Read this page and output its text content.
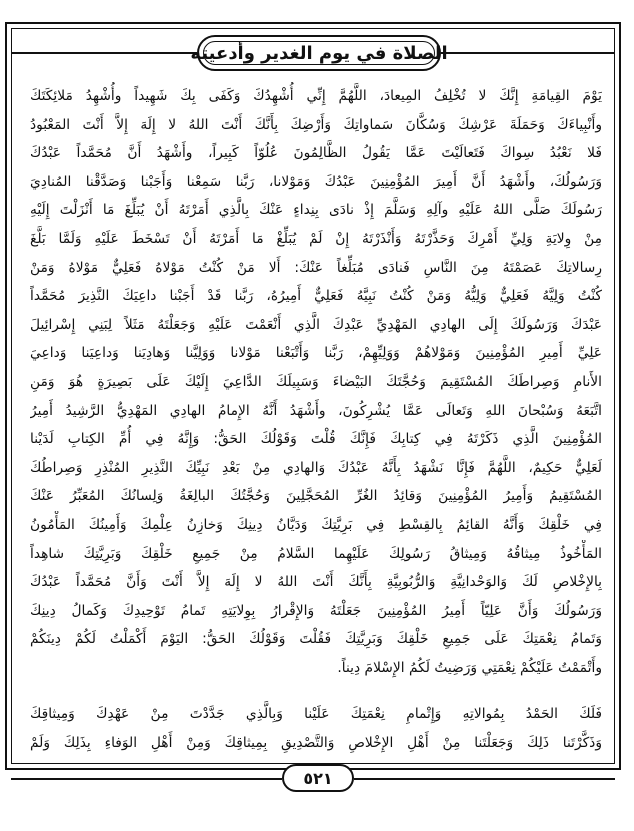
الصلاة في يوم الغدير وأدعيته
يَوْمَ القِيامَةِ إِنَّكَ لا تُخْلِفُ المِيعادَ، اللَّهُمَّ إِنِّي أُشْهِدُكَ وَكَفَى بِكَ شَهِيداً وأُشْهِدُ مَلائِكَتَكَ
وأَنْبِياءَكَ وَحَمَلَةَ عَرْشِكَ وَسُكَّانَ سَماواتِكَ وَأَرْضِكَ بِأَنَّكَ أَنْتَ اللهُ لا إِلَهَ إِلاَّ أَنْتَ المَعْبُودُ
فَلا نَعْبُدُ سِواكَ فَتَعالَيْتَ عَمَّا يَقُولُ الظَّالِمُونَ عُلُوّاً كَبِيراً، وأَشْهَدُ أَنَّ مُحَمَّداً عَبْدُكَ
وَرَسُولُكَ، وأَشْهَدُ أَنَّ أَمِيرَ المُؤْمِنِينَ عَبْدُكَ وَمَوْلانا، رَبَّنا سَمِعْنا وَأَجَبْنا وَصَدَّقْنا المُنادِيَ
رَسُولَكَ صَلَّى اللهُ عَلَيْهِ وآلِهِ وَسَلَّمَ إِذْ نادَى بِنِداءٍ عَنْكَ بِالَّذِي أَمَرْتَهُ أَنْ يُبَلِّغَ مَا أَنْزَلْتَ إِلَيْهِ
مِنْ وِلايَةِ وَلِيِّ أَمْرِكَ وَحَذَّرْتَهُ وَأَنْذَرْتَهُ إِنْ لَمْ يُبَلِّغْ مَا أَمَرْتَهُ أَنْ تَسْخَطَ عَلَيْهِ وَلَمَّا بَلَّغَ
رِسالاتِكَ عَصَمْتَهُ مِنَ النَّاسِ فَنادَى مُبَلِّغاً عَنْكَ: أَلا مَنْ كُنْتُ مَوْلاهُ فَعَلِيٌّ مَوْلاهُ وَمَنْ
كُنْتُ وَلِيَّهُ فَعَلِيٌّ وَلِيُّهُ وَمَنْ كُنْتُ نَبِيَّهُ فَعَلِيٌّ أَمِيرُهُ، رَبَّنا قَدْ أَجَبْنا داعِيَكَ النَّذِيرَ مُحَمَّداً
عَبْدَكَ وَرَسُولَكَ إِلَى الهادِي المَهْدِيِّ عَبْدِكَ الَّذِي أَنْعَمْتَ عَلَيْهِ وَجَعَلْتَهُ مَثَلاً لِبَنِي إِسْرائِيلَ
عَلِيِّ أَمِيرِ المُؤْمِنِينَ وَمَوْلاهُمْ وَوَلِيِّهِمْ، رَبَّنا وَأَتْبَعْنا مَوْلانا وَوَلِيَّنا وَهادِيَنا وَداعِيَنا وَداعِيَ
الأَنامِ وَصِراطَكَ المُسْتَقِيمَ وَحُجَّتَكَ البَيْضاءَ وَسَبِيلَكَ الدَّاعِيَ إِلَيْكَ عَلَى بَصِيرَةٍ هُوَ وَمَنِ
اتَّبَعَهُ وَسُبْحانَ اللهِ وَتَعالَى عَمَّا يُشْرِكُونَ، وأَشْهَدُ أَنَّهُ الإِمامُ الهادِي المَهْدِيُّ الرَّشِيدُ أَمِيرُ
المُؤْمِنِينَ الَّذِي ذَكَرْتَهُ فِي كِتابِكَ فَإِنَّكَ قُلْتَ وَقَوْلُكَ الحَقُّ: وَإِنَّهُ فِي أُمِّ الكِتابِ لَدَيْنا
لَعَلِيٌّ حَكِيمٌ، اللَّهُمَّ فَإِنَّا نَشْهَدُ بِأَنَّهُ عَبْدُكَ وَالهادِي مِنْ بَعْدِ نَبِيِّكَ النَّذِيرِ المُنْذِرِ وَصِراطُكَ
المُسْتَقِيمُ وَأَمِيرُ المُؤْمِنِينَ وَقائِدُ الغُرِّ المُحَجَّلِينَ وَحُجَّتُكَ البالِغَةُ وَلِسانُكَ المُعَبِّرُ عَنْكَ
فِي خَلْقِكَ وَأَنَّهُ القائِمُ بِالقِسْطِ فِي بَرِيَّتِكَ وَدَيَّانُ دِينِكَ وَخازِنُ عِلْمِكَ وَأَمِينُكَ المَأْمُونُ
المَأْخُوذُ مِيثاقُهُ وَمِيثاقُ رَسُولِكَ عَلَيْهِما السَّلامُ مِنْ جَمِيعِ خَلْقِكَ وَبَرِيَّتِكَ شاهِداً
بِالإِخْلاصِ لَكَ وَالوَحْدانِيَّةِ وَالرُّبُوبِيَّةِ بِأَنَّكَ أَنْتَ اللهُ لا إِلَهَ إِلاَّ أَنْتَ وَأَنَّ مُحَمَّداً عَبْدُكَ
وَرَسُولُكَ وَأَنَّ عَلِيّاً أَمِيرُ المُؤْمِنِينَ جَعَلْتَهُ وَالإِقْرارُ بِوِلايَتِهِ تَمامُ تَوْحِيدِكَ وَكَمالُ دِينِكَ
وَتَمامُ نِعْمَتِكَ عَلَى جَمِيعِ خَلْقِكَ وَبَرِيَّتِكَ فَقُلْتَ وَقَوْلُكَ الحَقُّ: اليَوْمَ أَكْمَلْتُ لَكُمْ دِينَكُمْ
وأَتْمَمْتُ عَلَيْكُمْ نِعْمَتِي وَرَضِيتُ لَكُمُ الإِسْلامَ دِيناً.
فَلَكَ الحَمْدُ بِمُوالاتِهِ وَإِتْمامِ نِعْمَتِكَ عَلَيْنا وَبِالَّذِي جَدَّدْتَ مِنْ عَهْدِكَ وَمِيثاقِكَ
وَذَكَّرْتَنا ذَلِكَ وَجَعَلْتَنا مِنْ أَهْلِ الإِخْلاصِ وَالتَّصْدِيقِ بِمِيثاقِكَ وَمِنْ أَهْلِ الوَفاءِ بِذَلِكَ وَلَمْ
٥٢١
